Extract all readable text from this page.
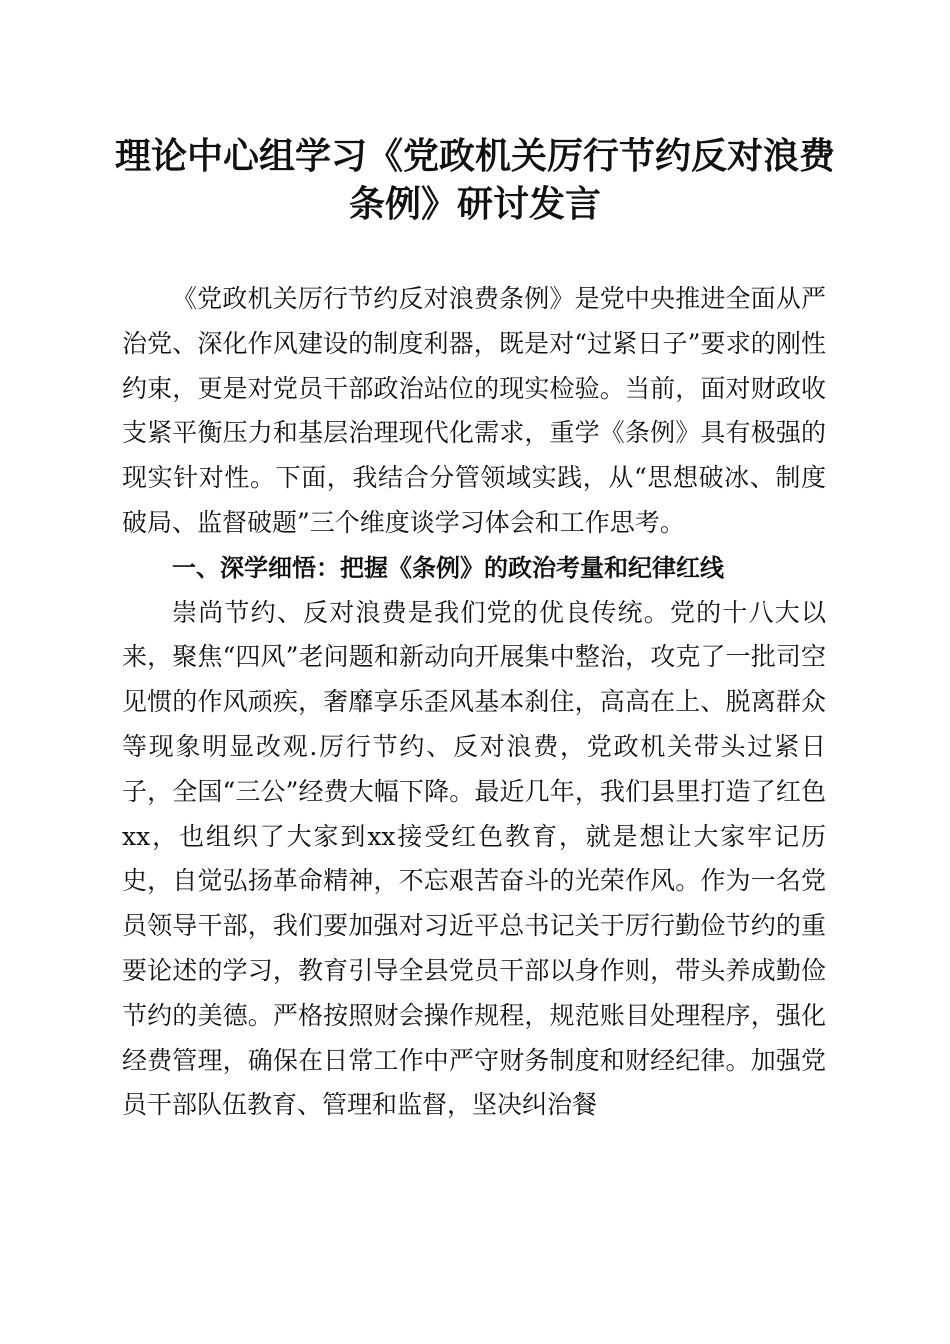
理论中心组学习《党政机关厉行节约反对浪费
条例》研讨发言

《党政机关厉行节约反对浪费条例》是党中央推进全面从严治党、深化作风建设的制度利器，既是对“过紧日子”要求的刚性约束，更是对党员干部政治站位的现实检验。当前，面对财政收支紧平衡压力和基层治理现代化需求，重学《条例》具有极强的现实针对性。下面，我结合分管领域实践，从“思想破冰、制度破局、监督破题”三个维度谈学习体会和工作思考。

一、深学细悟：把握《条例》的政治考量和纪律红线

崇尚节约、反对浪费是我们党的优良传统。党的十八大以来，聚焦“四风”老问题和新动向开展集中整治，攻克了一批司空见惯的作风顽疾，奢靡享乐歪风基本刹住，高高在上、脱离群众等现象明显改观.厉行节约、反对浪费，党政机关带头过紧日子，全国“三公”经费大幅下降。最近几年，我们县里打造了红色xx，也组织了大家到xx接受红色教育，就是想让大家牢记历史，自觉弘扬革命精神，不忘艰苦奋斗的光荣作风。作为一名党员领导干部，我们要加强对习近平总书记关于厉行勤俭节约的重要论述的学习，教育引导全县党员干部以身作则，带头养成勤俭节约的美德。严格按照财会操作规程，规范账目处理程序，强化经费管理，确保在日常工作中严守财务制度和财经纪律。加强党员干部队伍教育、管理和监督，坚决纠治餐
